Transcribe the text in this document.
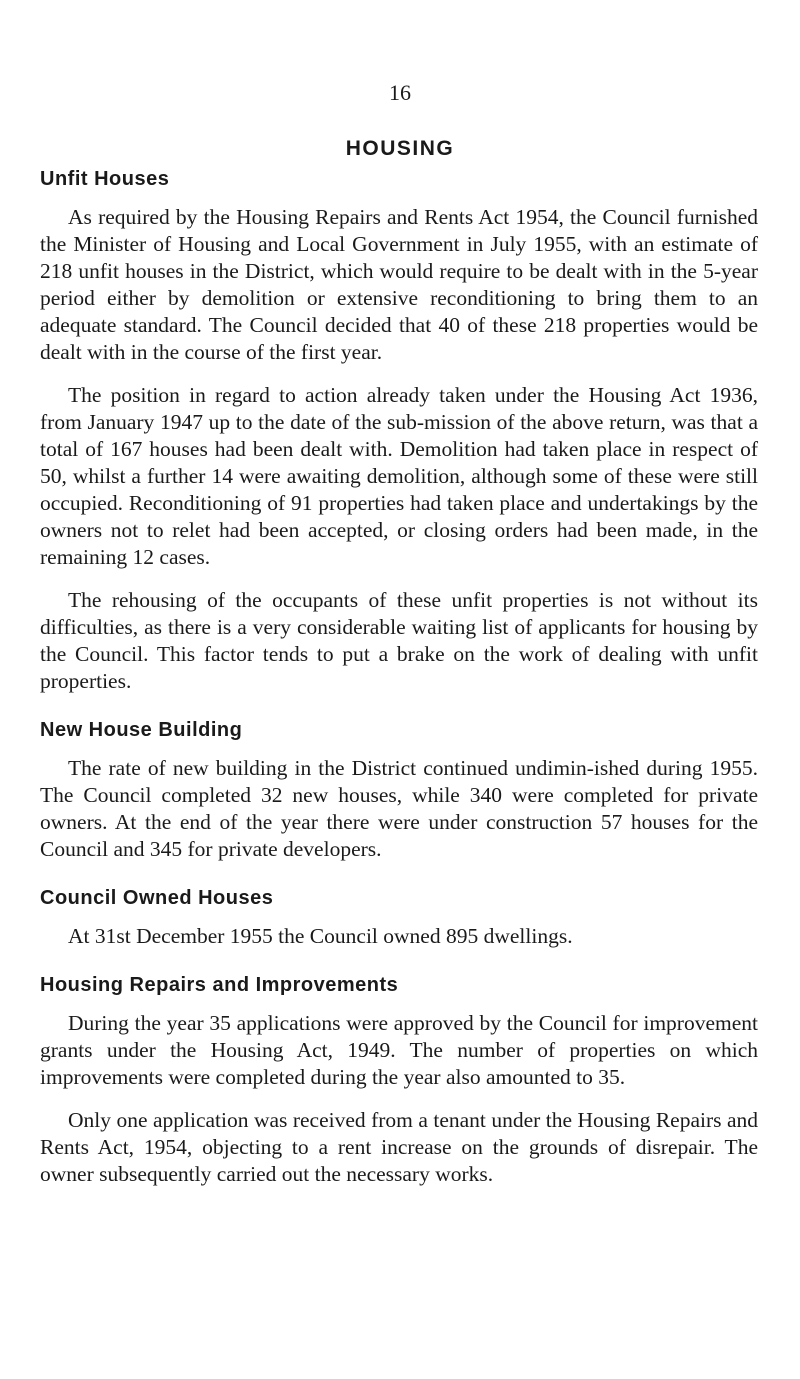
16
HOUSING
Unfit Houses

As required by the Housing Repairs and Rents Act 1954, the Council furnished the Minister of Housing and Local Government in July 1955, with an estimate of 218 unfit houses in the District, which would require to be dealt with in the 5-year period either by demolition or extensive reconditioning to bring them to an adequate standard. The Council decided that 40 of these 218 properties would be dealt with in the course of the first year.

The position in regard to action already taken under the Housing Act 1936, from January 1947 up to the date of the sub-mission of the above return, was that a total of 167 houses had been dealt with. Demolition had taken place in respect of 50, whilst a further 14 were awaiting demolition, although some of these were still occupied. Reconditioning of 91 properties had taken place and undertakings by the owners not to relet had been accepted, or closing orders had been made, in the remaining 12 cases.

The rehousing of the occupants of these unfit properties is not without its difficulties, as there is a very considerable waiting list of applicants for housing by the Council. This factor tends to put a brake on the work of dealing with unfit properties.

New House Building

The rate of new building in the District continued undimin-ished during 1955. The Council completed 32 new houses, while 340 were completed for private owners. At the end of the year there were under construction 57 houses for the Council and 345 for private developers.

Council Owned Houses

At 31st December 1955 the Council owned 895 dwellings.

Housing Repairs and Improvements

During the year 35 applications were approved by the Council for improvement grants under the Housing Act, 1949. The number of properties on which improvements were completed during the year also amounted to 35.

Only one application was received from a tenant under the Housing Repairs and Rents Act, 1954, objecting to a rent increase on the grounds of disrepair. The owner subsequently carried out the necessary works.
